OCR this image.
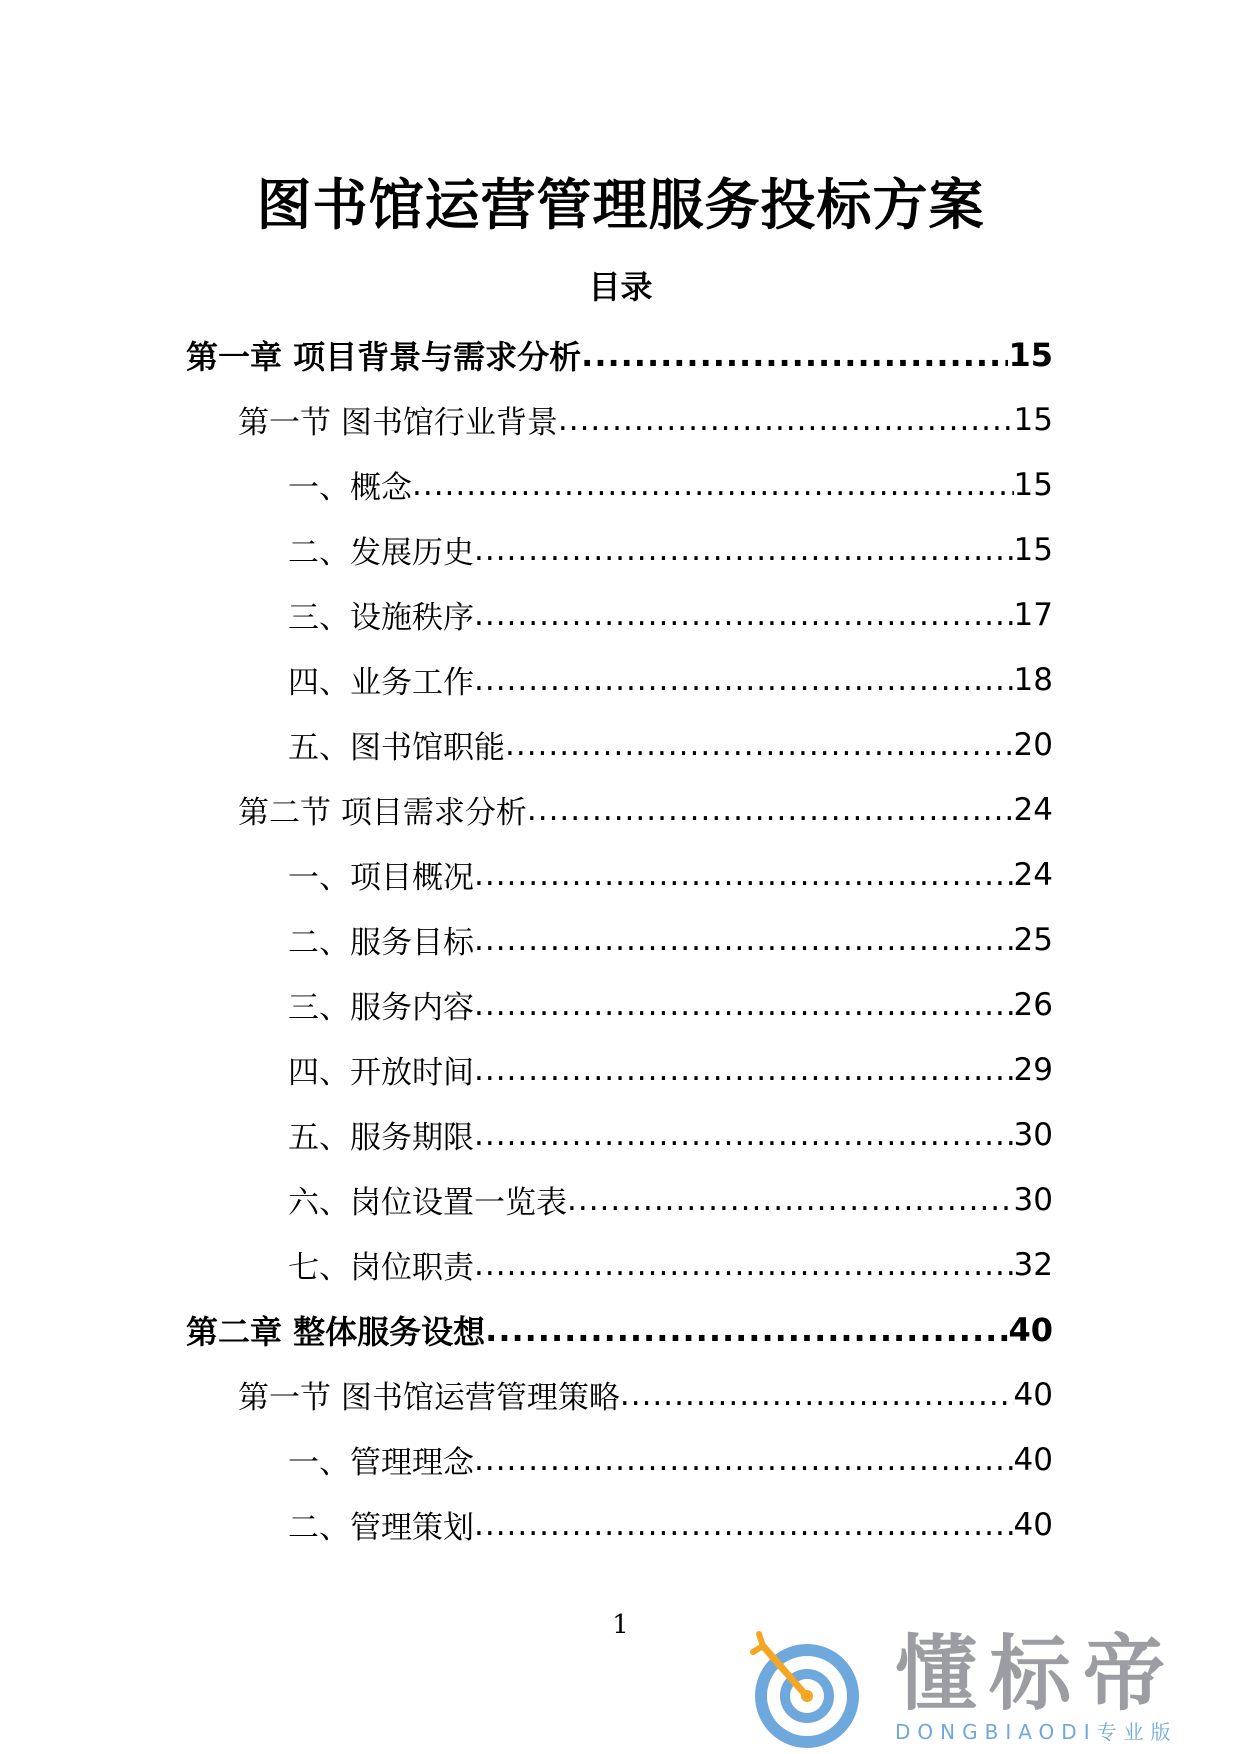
图书馆运营管理服务投标方案
目录
第一章 项目背景与需求分析 .....	15
第一节 图书馆行业背景 .....	15
一、概念 .....	15
二、发展历史 .....	15
三、设施秩序 .....	17
四、业务工作 .....	18
五、图书馆职能 .....	20
第二节 项目需求分析 .....	24
一、项目概况 .....	24
二、服务目标 .....	25
三、服务内容 .....	26
四、开放时间 .....	29
五、服务期限 .....	30
六、岗位设置一览表 .....	30
七、岗位职责 .....	32
第二章 整体服务设想 .....	40
第一节 图书馆运营管理策略 .....	40
一、管理理念 .....	40
二、管理策划 .....	40
1
懂标帝
DONGBIAODI专业版
